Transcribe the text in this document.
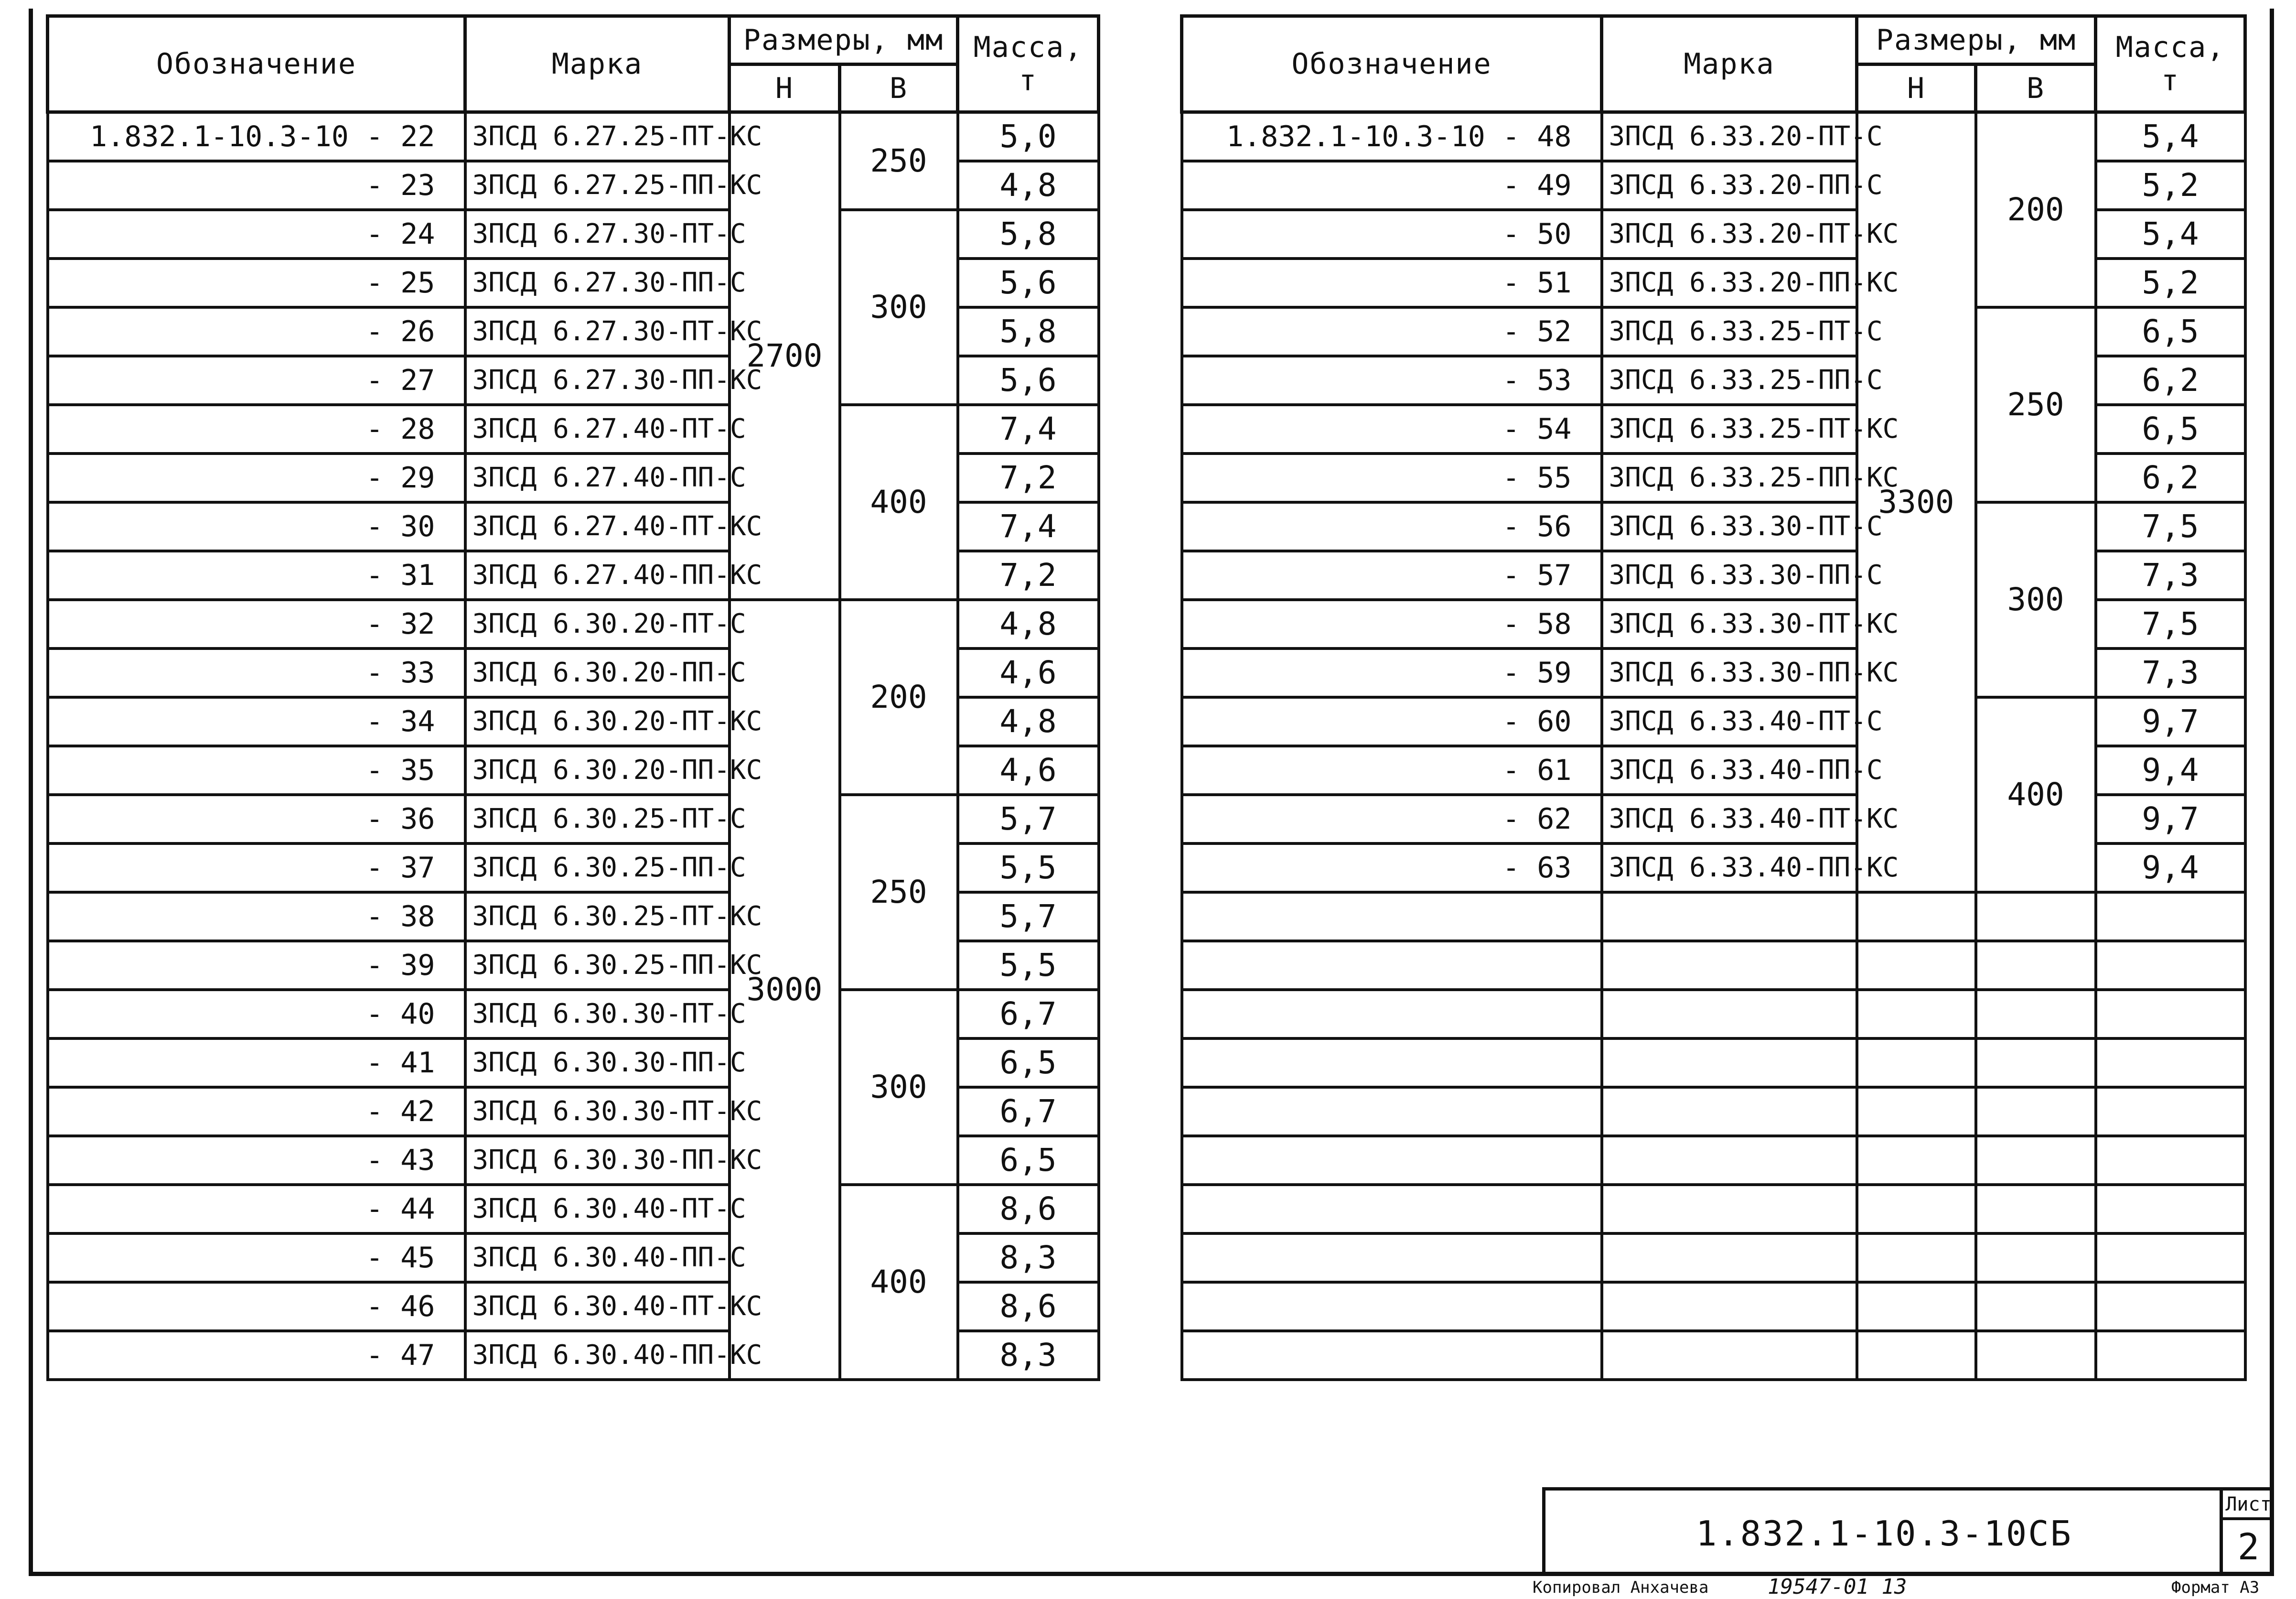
Обозначение	Марка	Размеры, мм		Масса,
т

		Н	В	
1.832.1-10.3-10 - 22	3ПСД 6.27.25-ПТ-КС	2700	250	5,0
- 23	3ПСД 6.27.25-ПП-КС			4,8
- 24	3ПСД 6.27.30-ПТ-С		300	5,8
- 25	3ПСД 6.27.30-ПП-С			5,6
- 26	3ПСД 6.27.30-ПТ-КС			5,8
- 27	3ПСД 6.27.30-ПП-КС			5,6
- 28	3ПСД 6.27.40-ПТ-С		400	7,4
- 29	3ПСД 6.27.40-ПП-С			7,2
- 30	3ПСД 6.27.40-ПТ-КС			7,4
- 31	3ПСД 6.27.40-ПП-КС			7,2
- 32	3ПСД 6.30.20-ПТ-С	3000	200	4,8
- 33	3ПСД 6.30.20-ПП-С			4,6
- 34	3ПСД 6.30.20-ПТ-КС			4,8
- 35	3ПСД 6.30.20-ПП-КС			4,6
- 36	3ПСД 6.30.25-ПТ-С		250	5,7
- 37	3ПСД 6.30.25-ПП-С			5,5
- 38	3ПСД 6.30.25-ПТ-КС			5,7
- 39	3ПСД 6.30.25-ПП-КС			5,5
- 40	3ПСД 6.30.30-ПТ-С		300	6,7
- 41	3ПСД 6.30.30-ПП-С			6,5
- 42	3ПСД 6.30.30-ПТ-КС			6,7
- 43	3ПСД 6.30.30-ПП-КС			6,5
- 44	3ПСД 6.30.40-ПТ-С		400	8,6
- 45	3ПСД 6.30.40-ПП-С			8,3
- 46	3ПСД 6.30.40-ПТ-КС			8,6
- 47	3ПСД 6.30.40-ПП-КС			8,3
Обозначение	Марка	Размеры, мм		Масса,
т

		Н	В	
1.832.1-10.3-10 - 48	3ПСД 6.33.20-ПТ-С	3300	200	5,4
- 49	3ПСД 6.33.20-ПП-С			5,2
- 50	3ПСД 6.33.20-ПТ-КС			5,4
- 51	3ПСД 6.33.20-ПП-КС			5,2
- 52	3ПСД 6.33.25-ПТ-С		250	6,5
- 53	3ПСД 6.33.25-ПП-С			6,2
- 54	3ПСД 6.33.25-ПТ-КС			6,5
- 55	3ПСД 6.33.25-ПП-КС			6,2
- 56	3ПСД 6.33.30-ПТ-С		300	7,5
- 57	3ПСД 6.33.30-ПП-С			7,3
- 58	3ПСД 6.33.30-ПТ-КС			7,5
- 59	3ПСД 6.33.30-ПП-КС			7,3
- 60	3ПСД 6.33.40-ПТ-С		400	9,7
- 61	3ПСД 6.33.40-ПП-С			9,4
- 62	3ПСД 6.33.40-ПТ-КС			9,7
- 63	3ПСД 6.33.40-ПП-КС			9,4

1.832.1-10.3-10СБ
Лист
2
Копировал Анхачева	19547-01 13	Формат А3
